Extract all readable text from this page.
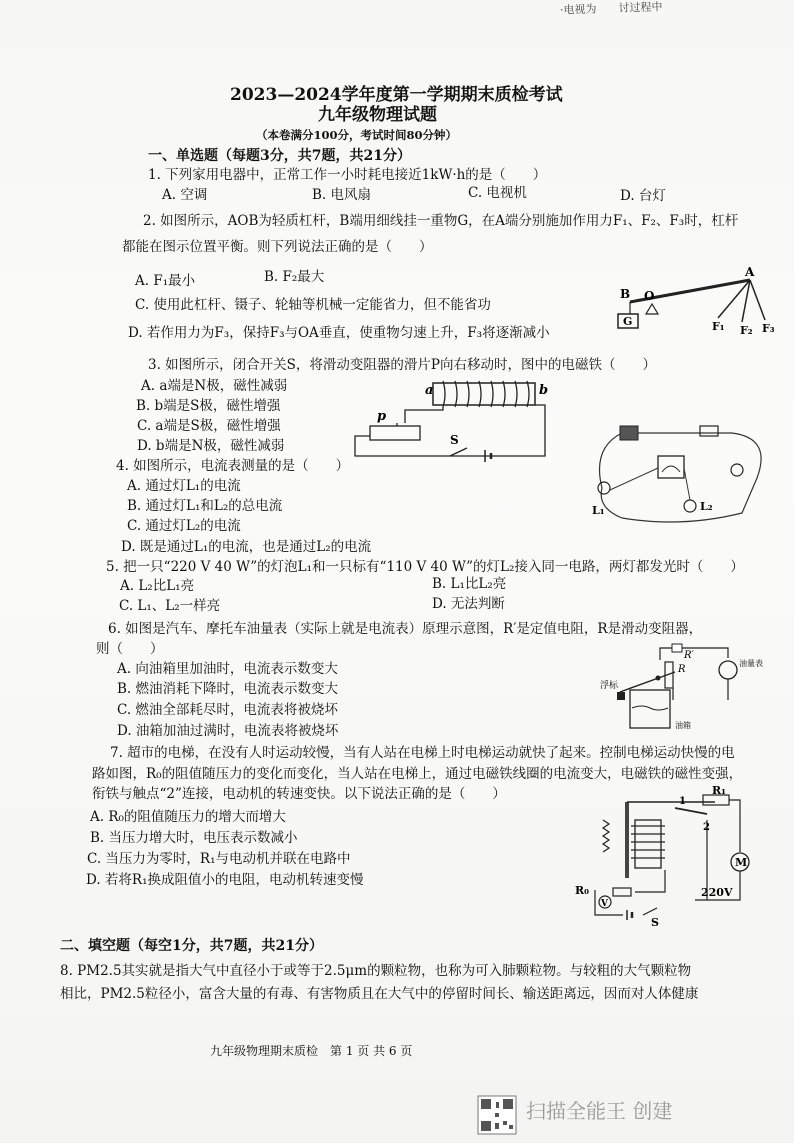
·电视为　　讨过程中
2023—2024学年度第一学期期末质检考试
九年级物理试题
（本卷满分100分，考试时间80分钟）
一、单选题（每题3分，共7题，共21分）
1. 下列家用电器中，正常工作一小时耗电接近1kW·h的是（　　）
A. 空调	B. 电风扇	C. 电视机	D. 台灯
2. 如图所示，AOB为轻质杠杆，B端用细线挂一重物G，在A端分别施加作用力F₁、F₂、F₃时，杠杆
都能在图示位置平衡。则下列说法正确的是（　　）
A. F₁最小	B. F₂最大
C. 使用此杠杆、镊子、轮轴等机械一定能省力，但不能省功
D. 若作用力为F₃，保持F₃与OA垂直，使重物匀速上升，F₃将逐渐减小
B O
A
G	F₁ F₂ F₃
3. 如图所示，闭合开关S，将滑动变阻器的滑片P向右移动时，图中的电磁铁（　　）
A. a端是N极，磁性减弱
B. b端是S极，磁性增强
C. a端是S极，磁性增强
D. b端是N极，磁性减弱
a	b
p
S
4. 如图所示，电流表测量的是（　　）
A. 通过灯L₁的电流
B. 通过灯L₁和L₂的总电流
C. 通过灯L₂的电流
D. 既是通过L₁的电流，也是通过L₂的电流
L₁	L₂
5. 把一只“220 V 40 W”的灯泡L₁和一只标有“110 V 40 W”的灯L₂接入同一电路，两灯都发光时（　　）
A. L₂比L₁亮	B. L₁比L₂亮
C. L₁、L₂一样亮	D. 无法判断
6. 如图是汽车、摩托车油量表（实际上就是电流表）原理示意图，R′是定值电阻，R是滑动变阻器，
则（　　）
A. 向油箱里加油时，电流表示数变大
B. 燃油消耗下降时，电流表示数变大
C. 燃油全部耗尽时，电流表将被烧坏
D. 油箱加油过满时，电流表将被烧坏
浮标
油箱
油量表
R
R′
7. 超市的电梯，在没有人时运动较慢，当有人站在电梯上时电梯运动就快了起来。控制电梯运动快慢的电
路如图，R₀的阻值随压力的变化而变化，当人站在电梯上，通过电磁铁线圈的电流变大，电磁铁的磁性变强，
衔铁与触点“2”连接，电动机的转速变快。以下说法正确的是（　　）
A. R₀的阻值随压力的增大而增大
B. 当压力增大时，电压表示数减小
C. 当压力为零时，R₁与电动机并联在电路中
D. 若将R₁换成阻值小的电阻，电动机转速变慢
R₁
R₀
V
S
M
220V
1
2
二、填空题（每空1分，共7题，共21分）
8. PM2.5其实就是指大气中直径小于或等于2.5μm的颗粒物，也称为可入肺颗粒物。与较粗的大气颗粒物
相比，PM2.5粒径小，富含大量的有毒、有害物质且在大气中的停留时间长、输送距离远，因而对人体健康
九年级物理期末质检　第 1 页 共 6 页
扫描全能王 创建
